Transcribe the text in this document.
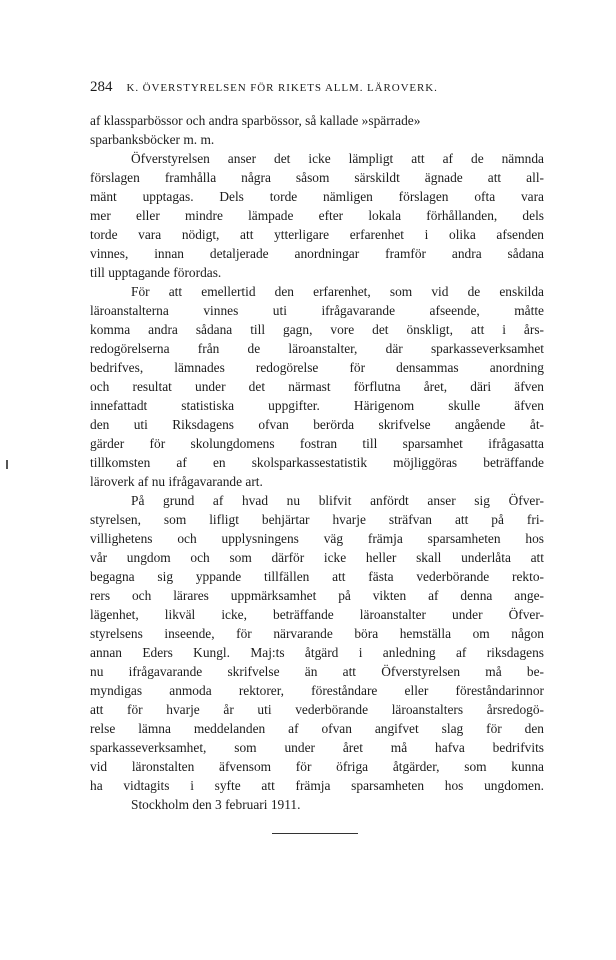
284 K. ÖVERSTYRELSEN FÖR RIKETS ALLM. LÄROVERK.
af klassparbössor och andra sparbössor, så kallade »spärrade»
sparbanksböcker m. m.
Öfverstyrelsen anser det icke lämpligt att af de nämnda
förslagen framhålla några såsom särskildt ägnade att all-
mänt upptagas. Dels torde nämligen förslagen ofta vara
mer eller mindre lämpade efter lokala förhållanden, dels
torde vara nödigt, att ytterligare erfarenhet i olika afsenden
vinnes, innan detaljerade anordningar framför andra sådana
till upptagande förordas.
För att emellertid den erfarenhet, som vid de enskilda
läroanstalterna vinnes uti ifrågavarande afseende, måtte
komma andra sådana till gagn, vore det önskligt, att i års-
redogörelserna från de läroanstalter, där sparkasseverksamhet
bedrifves, lämnades redogörelse för densammas anordning
och resultat under det närmast förflutna året, däri äfven
innefattadt statistiska uppgifter. Härigenom skulle äfven
den uti Riksdagens ofvan berörda skrifvelse angående åt-
gärder för skolungdomens fostran till sparsamhet ifrågasatta
tillkomsten af en skolsparkassestatistik möjliggöras beträffande
läroverk af nu ifrågavarande art.
På grund af hvad nu blifvit anfördt anser sig Öfver-
styrelsen, som lifligt behjärtar hvarje sträfvan att på fri-
villighetens och upplysningens väg främja sparsamheten hos
vår ungdom och som därför icke heller skall underlåta att
begagna sig yppande tillfällen att fästa vederbörande rekto-
rers och lärares uppmärksamhet på vikten af denna ange-
lägenhet, likväl icke, beträffande läroanstalter under Öfver-
styrelsens inseende, för närvarande böra hemställa om någon
annan Eders Kungl. Maj:ts åtgärd i anledning af riksdagens
nu ifrågavarande skrifvelse än att Öfverstyrelsen må be-
myndigas anmoda rektorer, föreståndare eller föreståndarinnor
att för hvarje år uti vederbörande läroanstalters årsredogö-
relse lämna meddelanden af ofvan angifvet slag för den
sparkasseverksamhet, som under året må hafva bedrifvits
vid läronstalten äfvensom för öfriga åtgärder, som kunna
ha vidtagits i syfte att främja sparsamheten hos ungdomen.
Stockholm den 3 februari 1911.
